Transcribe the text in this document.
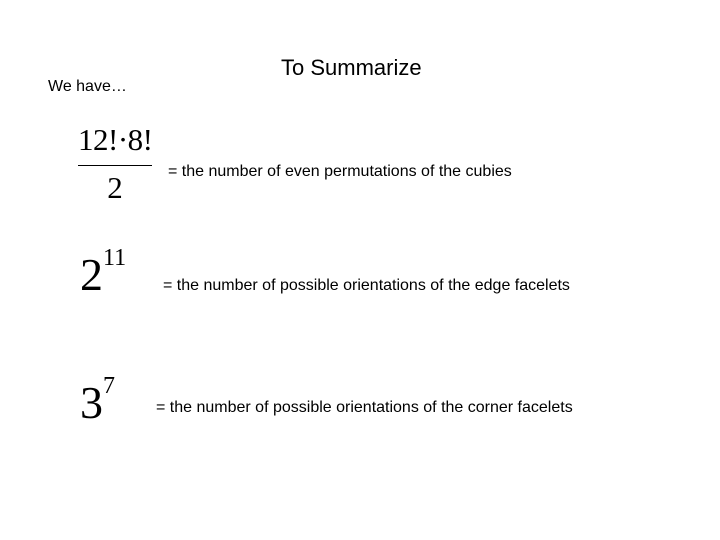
To Summarize
We have…
12!·8!
2	= the number of even permutations of the cubies
211
= the number of possible orientations of the edge facelets
37
= the number of possible orientations of the corner facelets
